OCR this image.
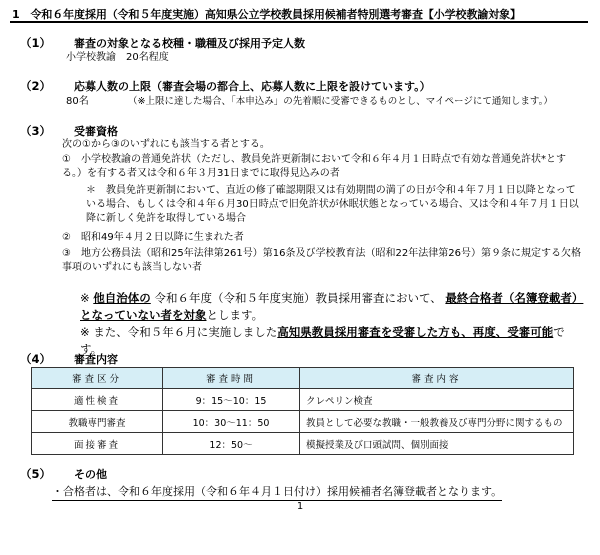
1　令和６年度採用（令和５年度実施）高知県公立学校教員採用候補者特別選考審査【小学校教諭対象】
（1） 審査の対象となる校種・職種及び採用予定人数
小学校教諭　20名程度
（2） 応募人数の上限（審査会場の都合上、応募人数に上限を設けています。）
80名	（※上限に達した場合、「本申込み」の先着順に受審できるものとし、マイページにて通知します。）
（3） 受審資格
次の①から③のいずれにも該当する者とする。
①　小学校教諭の普通免許状（ただし、教員免許更新制において令和６年４月１日時点で有効な普通免許状*とする。）を有する者又は令和６年３月31日までに取得見込みの者
＊　教員免許更新制において、直近の修了確認期限又は有効期間の満了の日が令和４年７月１日以降となっている場合、もしくは令和４年６月30日時点で旧免許状が休眠状態となっている場合、又は令和４年７月１日以降に新しく免許を取得している場合
②　昭和49年４月２日以降に生まれた者
③　地方公務員法（昭和25年法律第261号）第16条及び学校教育法（昭和22年法律第26号）第９条に規定する欠格事項のいずれにも該当しない者
※ 他自治体の 令和６年度（令和５年度実施）教員採用審査において、 最終合格者（名簿登載者）となっていない者を対象とします。
※ また、令和５年６月に実施しました高知県教員採用審査を受審した方も、再度、受審可能です。
（4） 審査内容
審査区分	審査時間	審査内容
適性検査	9：15～10：15	クレペリン検査
教職専門審査	10：30～11：50	教員として必要な教職・一般教養及び専門分野に関するもの
面接審査	12：50～	模擬授業及び口頭試問、個別面接
（5） その他
・合格者は、令和６年度採用（令和６年４月１日付け）採用候補者名簿登載者となります。
1
